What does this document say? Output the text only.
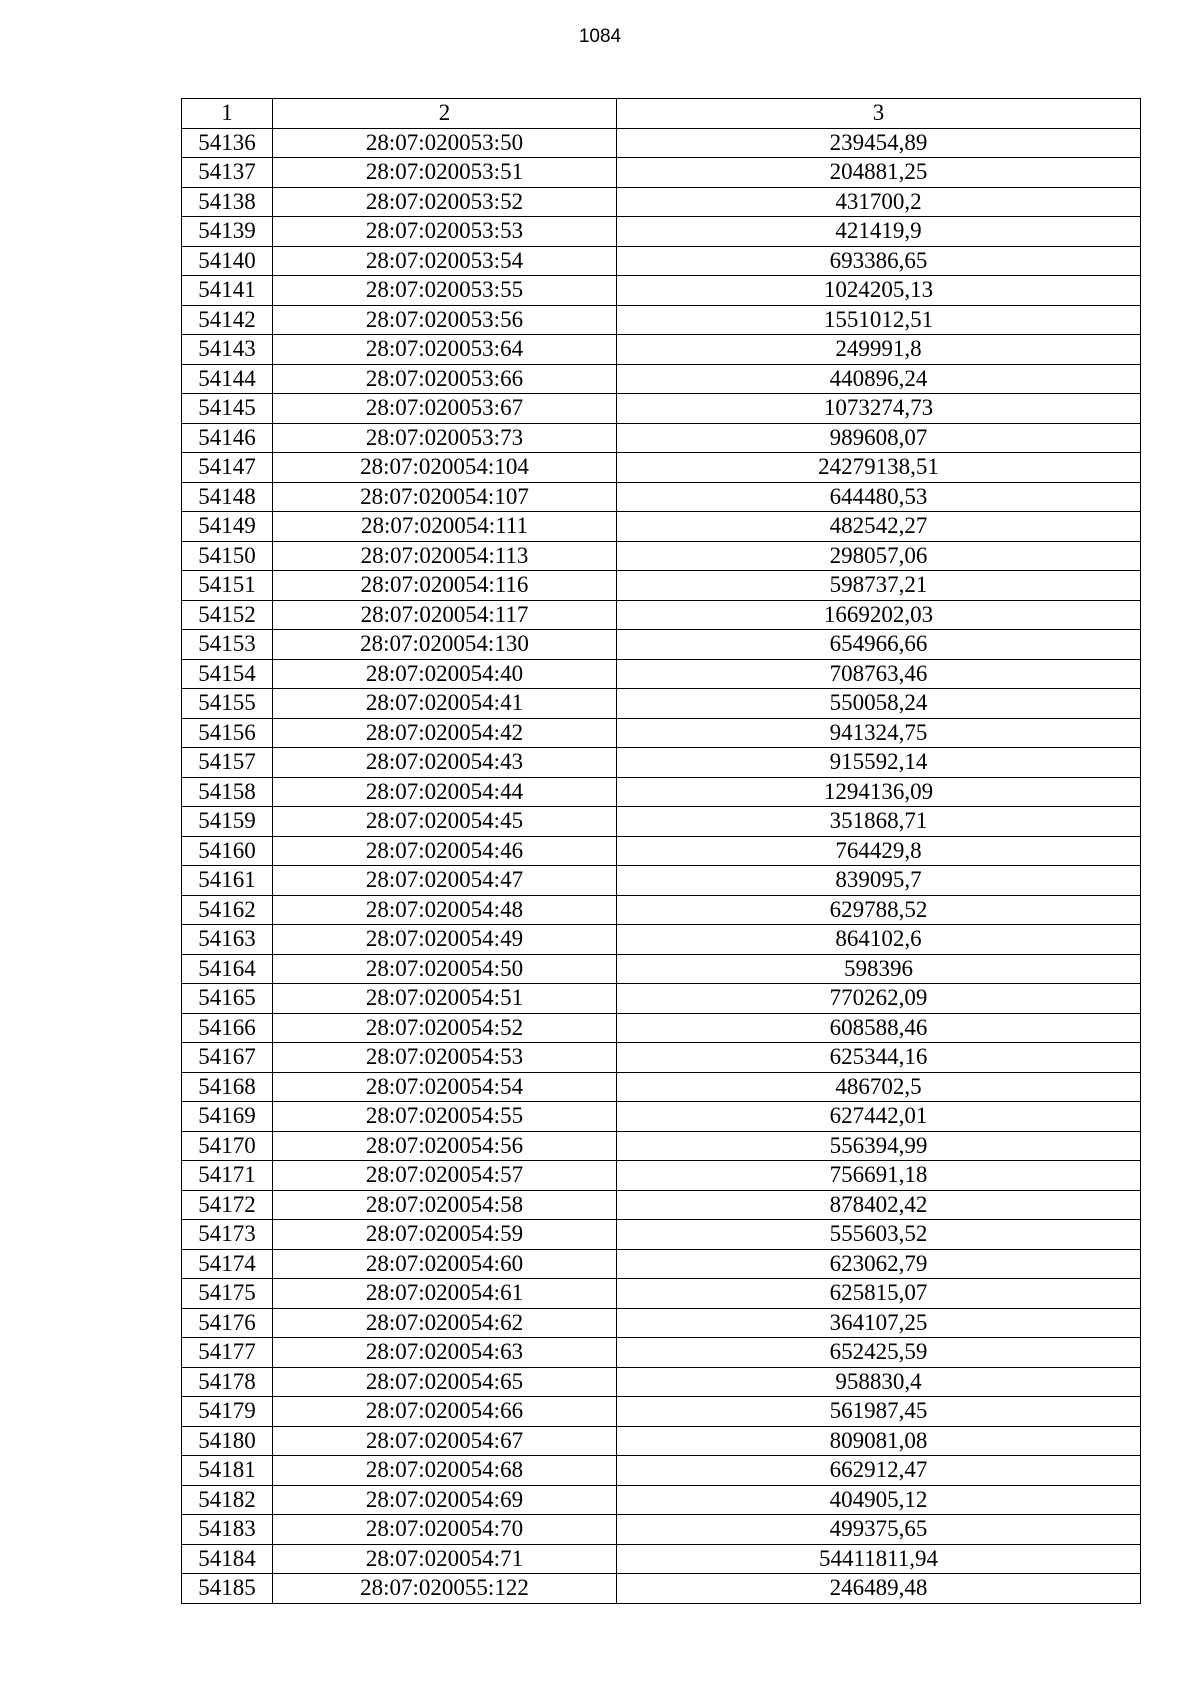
1084
1	2	3
54136	28:07:020053:50	239454,89
54137	28:07:020053:51	204881,25
54138	28:07:020053:52	431700,2
54139	28:07:020053:53	421419,9
54140	28:07:020053:54	693386,65
54141	28:07:020053:55	1024205,13
54142	28:07:020053:56	1551012,51
54143	28:07:020053:64	249991,8
54144	28:07:020053:66	440896,24
54145	28:07:020053:67	1073274,73
54146	28:07:020053:73	989608,07
54147	28:07:020054:104	24279138,51
54148	28:07:020054:107	644480,53
54149	28:07:020054:111	482542,27
54150	28:07:020054:113	298057,06
54151	28:07:020054:116	598737,21
54152	28:07:020054:117	1669202,03
54153	28:07:020054:130	654966,66
54154	28:07:020054:40	708763,46
54155	28:07:020054:41	550058,24
54156	28:07:020054:42	941324,75
54157	28:07:020054:43	915592,14
54158	28:07:020054:44	1294136,09
54159	28:07:020054:45	351868,71
54160	28:07:020054:46	764429,8
54161	28:07:020054:47	839095,7
54162	28:07:020054:48	629788,52
54163	28:07:020054:49	864102,6
54164	28:07:020054:50	598396
54165	28:07:020054:51	770262,09
54166	28:07:020054:52	608588,46
54167	28:07:020054:53	625344,16
54168	28:07:020054:54	486702,5
54169	28:07:020054:55	627442,01
54170	28:07:020054:56	556394,99
54171	28:07:020054:57	756691,18
54172	28:07:020054:58	878402,42
54173	28:07:020054:59	555603,52
54174	28:07:020054:60	623062,79
54175	28:07:020054:61	625815,07
54176	28:07:020054:62	364107,25
54177	28:07:020054:63	652425,59
54178	28:07:020054:65	958830,4
54179	28:07:020054:66	561987,45
54180	28:07:020054:67	809081,08
54181	28:07:020054:68	662912,47
54182	28:07:020054:69	404905,12
54183	28:07:020054:70	499375,65
54184	28:07:020054:71	54411811,94
54185	28:07:020055:122	246489,48
